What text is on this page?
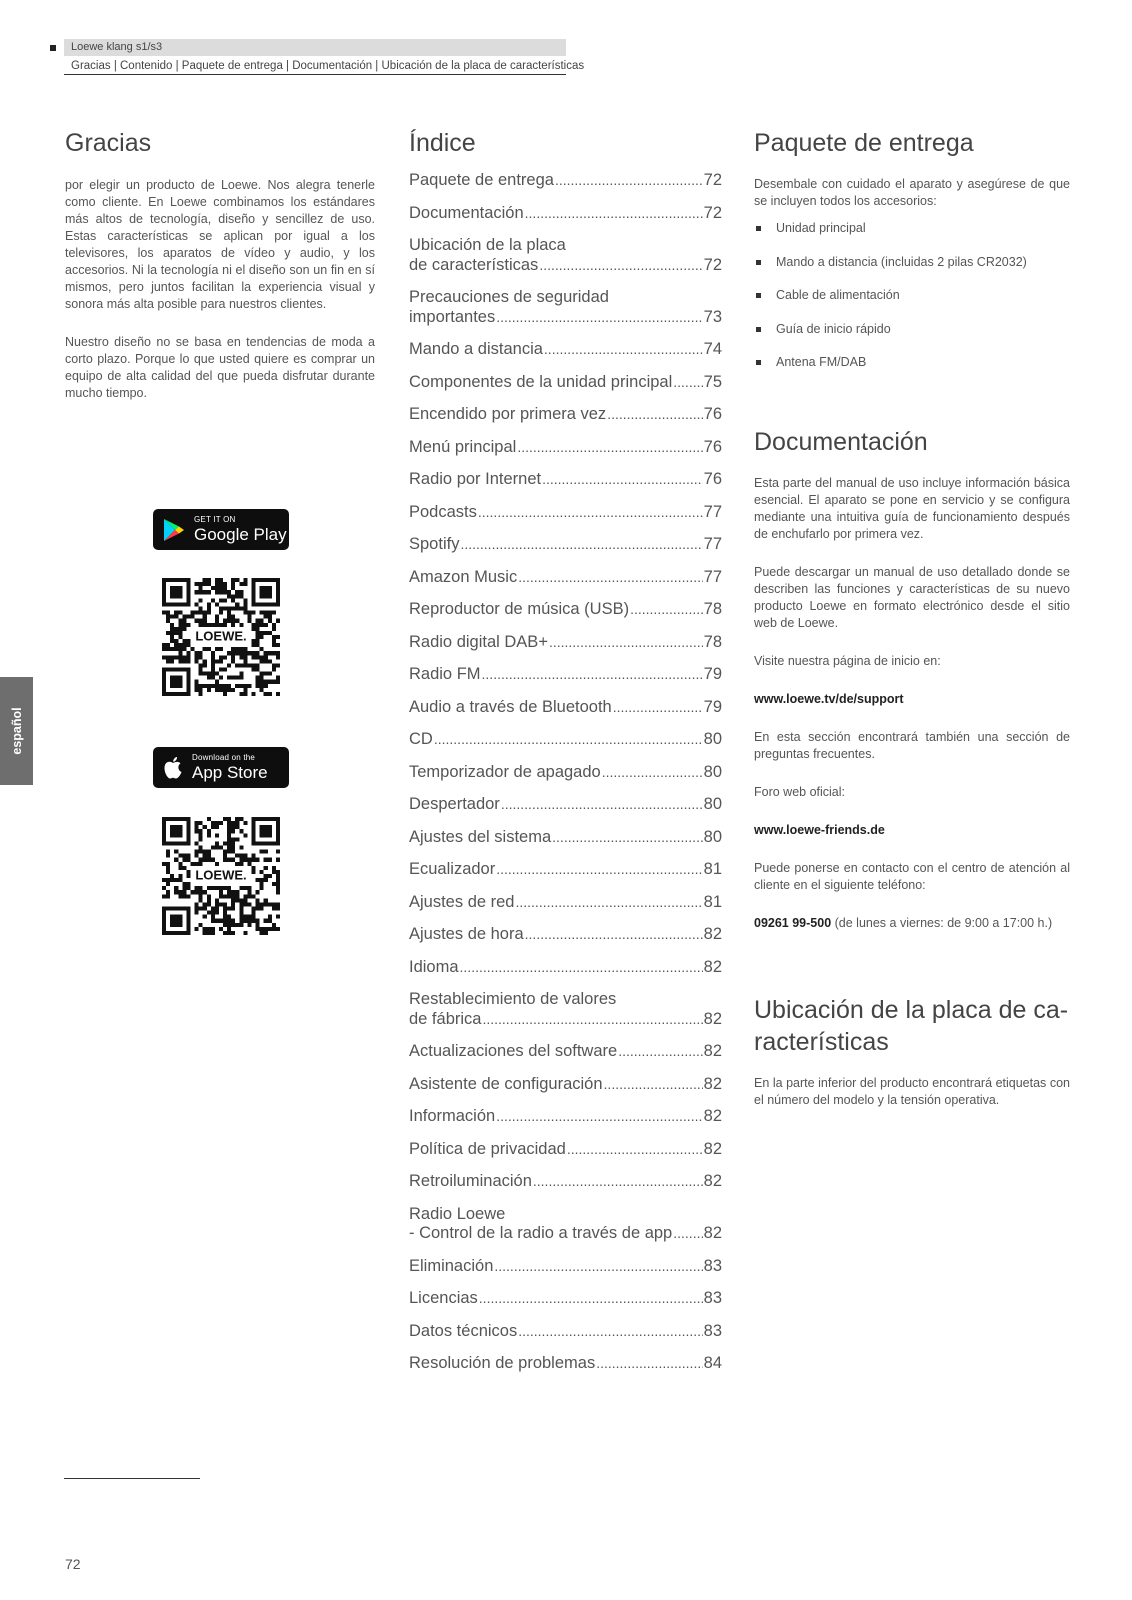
Loewe klang s1/s3
Gracias | Contenido | Paquete de entrega | Documentación | Ubicación de la placa de características
español
Gracias

por elegir un producto de Loewe. Nos alegra tenerle como cliente. En Loewe combinamos los estándares más altos de tecnología, diseño y sencillez de uso. Estas características se aplican por igual a los televisores, los aparatos de vídeo y audio, y los accesorios. Ni la tecnología ni el diseño son un fin en sí mismos, pero juntos facilitan la experiencia visual y sonora más alta posible para nuestros clientes.

Nuestro diseño no se basa en tendencias de moda a corto plazo. Porque lo que usted quiere es comprar un equipo de alta calidad del que pueda disfrutar durante mucho tiempo.

GET IT ON
Google Play
LOEWE.
Download on the
App Store
LOEWE.
Índice
Paquete de entrega .....	72
Documentación .....	72
Ubicación de la placa
de características .....	72
Precauciones de seguridad
importantes .....	73
Mando a distancia .....	74
Componentes de la unidad principal ..... 75
Encendido por primera vez .....	76
Menú principal .....	76
Radio por Internet .....	76
Podcasts .....	77
Spotify .....	77
Amazon Music .....	77
Reproductor de música (USB) .....	78
Radio digital DAB+ .....	78
Radio FM .....	79
Audio a través de Bluetooth .....	79
CD .....	80
Temporizador de apagado .....	80
Despertador .....	80
Ajustes del sistema .....	80
Ecualizador .....	81
Ajustes de red .....	81
Ajustes de hora .....	82
Idioma .....	82
Restablecimiento de valores
de fábrica .....	82
Actualizaciones del software .....	82
Asistente de configuración .....	82
Información .....	82
Política de privacidad .....	82
Retroiluminación .....	82
Radio Loewe
- Control de la radio a través de app ..... 82
Eliminación .....	83
Licencias .....	83
Datos técnicos .....	83
Resolución de problemas .....	84
Paquete de entrega

Desembale con cuidado el aparato y asegúrese de que se incluyen todos los accesorios:

Unidad principal
Mando a distancia (incluidas 2 pilas CR2032)
Cable de alimentación
Guía de inicio rápido
Antena FM/DAB
Documentación

Esta parte del manual de uso incluye información básica esencial. El aparato se pone en servicio y se configura mediante una intuitiva guía de funcionamiento después de enchufarlo por primera vez.

Puede descargar un manual de uso detallado donde se describen las funciones y características de su nuevo producto Loewe en formato electrónico desde el sitio web de Loewe.

Visite nuestra página de inicio en:

www.loewe.tv/de/support

En esta sección encontrará también una sección de preguntas frecuentes.

Foro web oficial:

www.loewe-friends.de

Puede ponerse en contacto con el centro de atención al cliente en el siguiente teléfono:

09261 99-500 (de lunes a viernes: de 9:00 a 17:00 h.)

Ubicación de la placa de ca-
racterísticas

En la parte inferior del producto encontrará etiquetas con el número del modelo y la tensión operativa.

72
